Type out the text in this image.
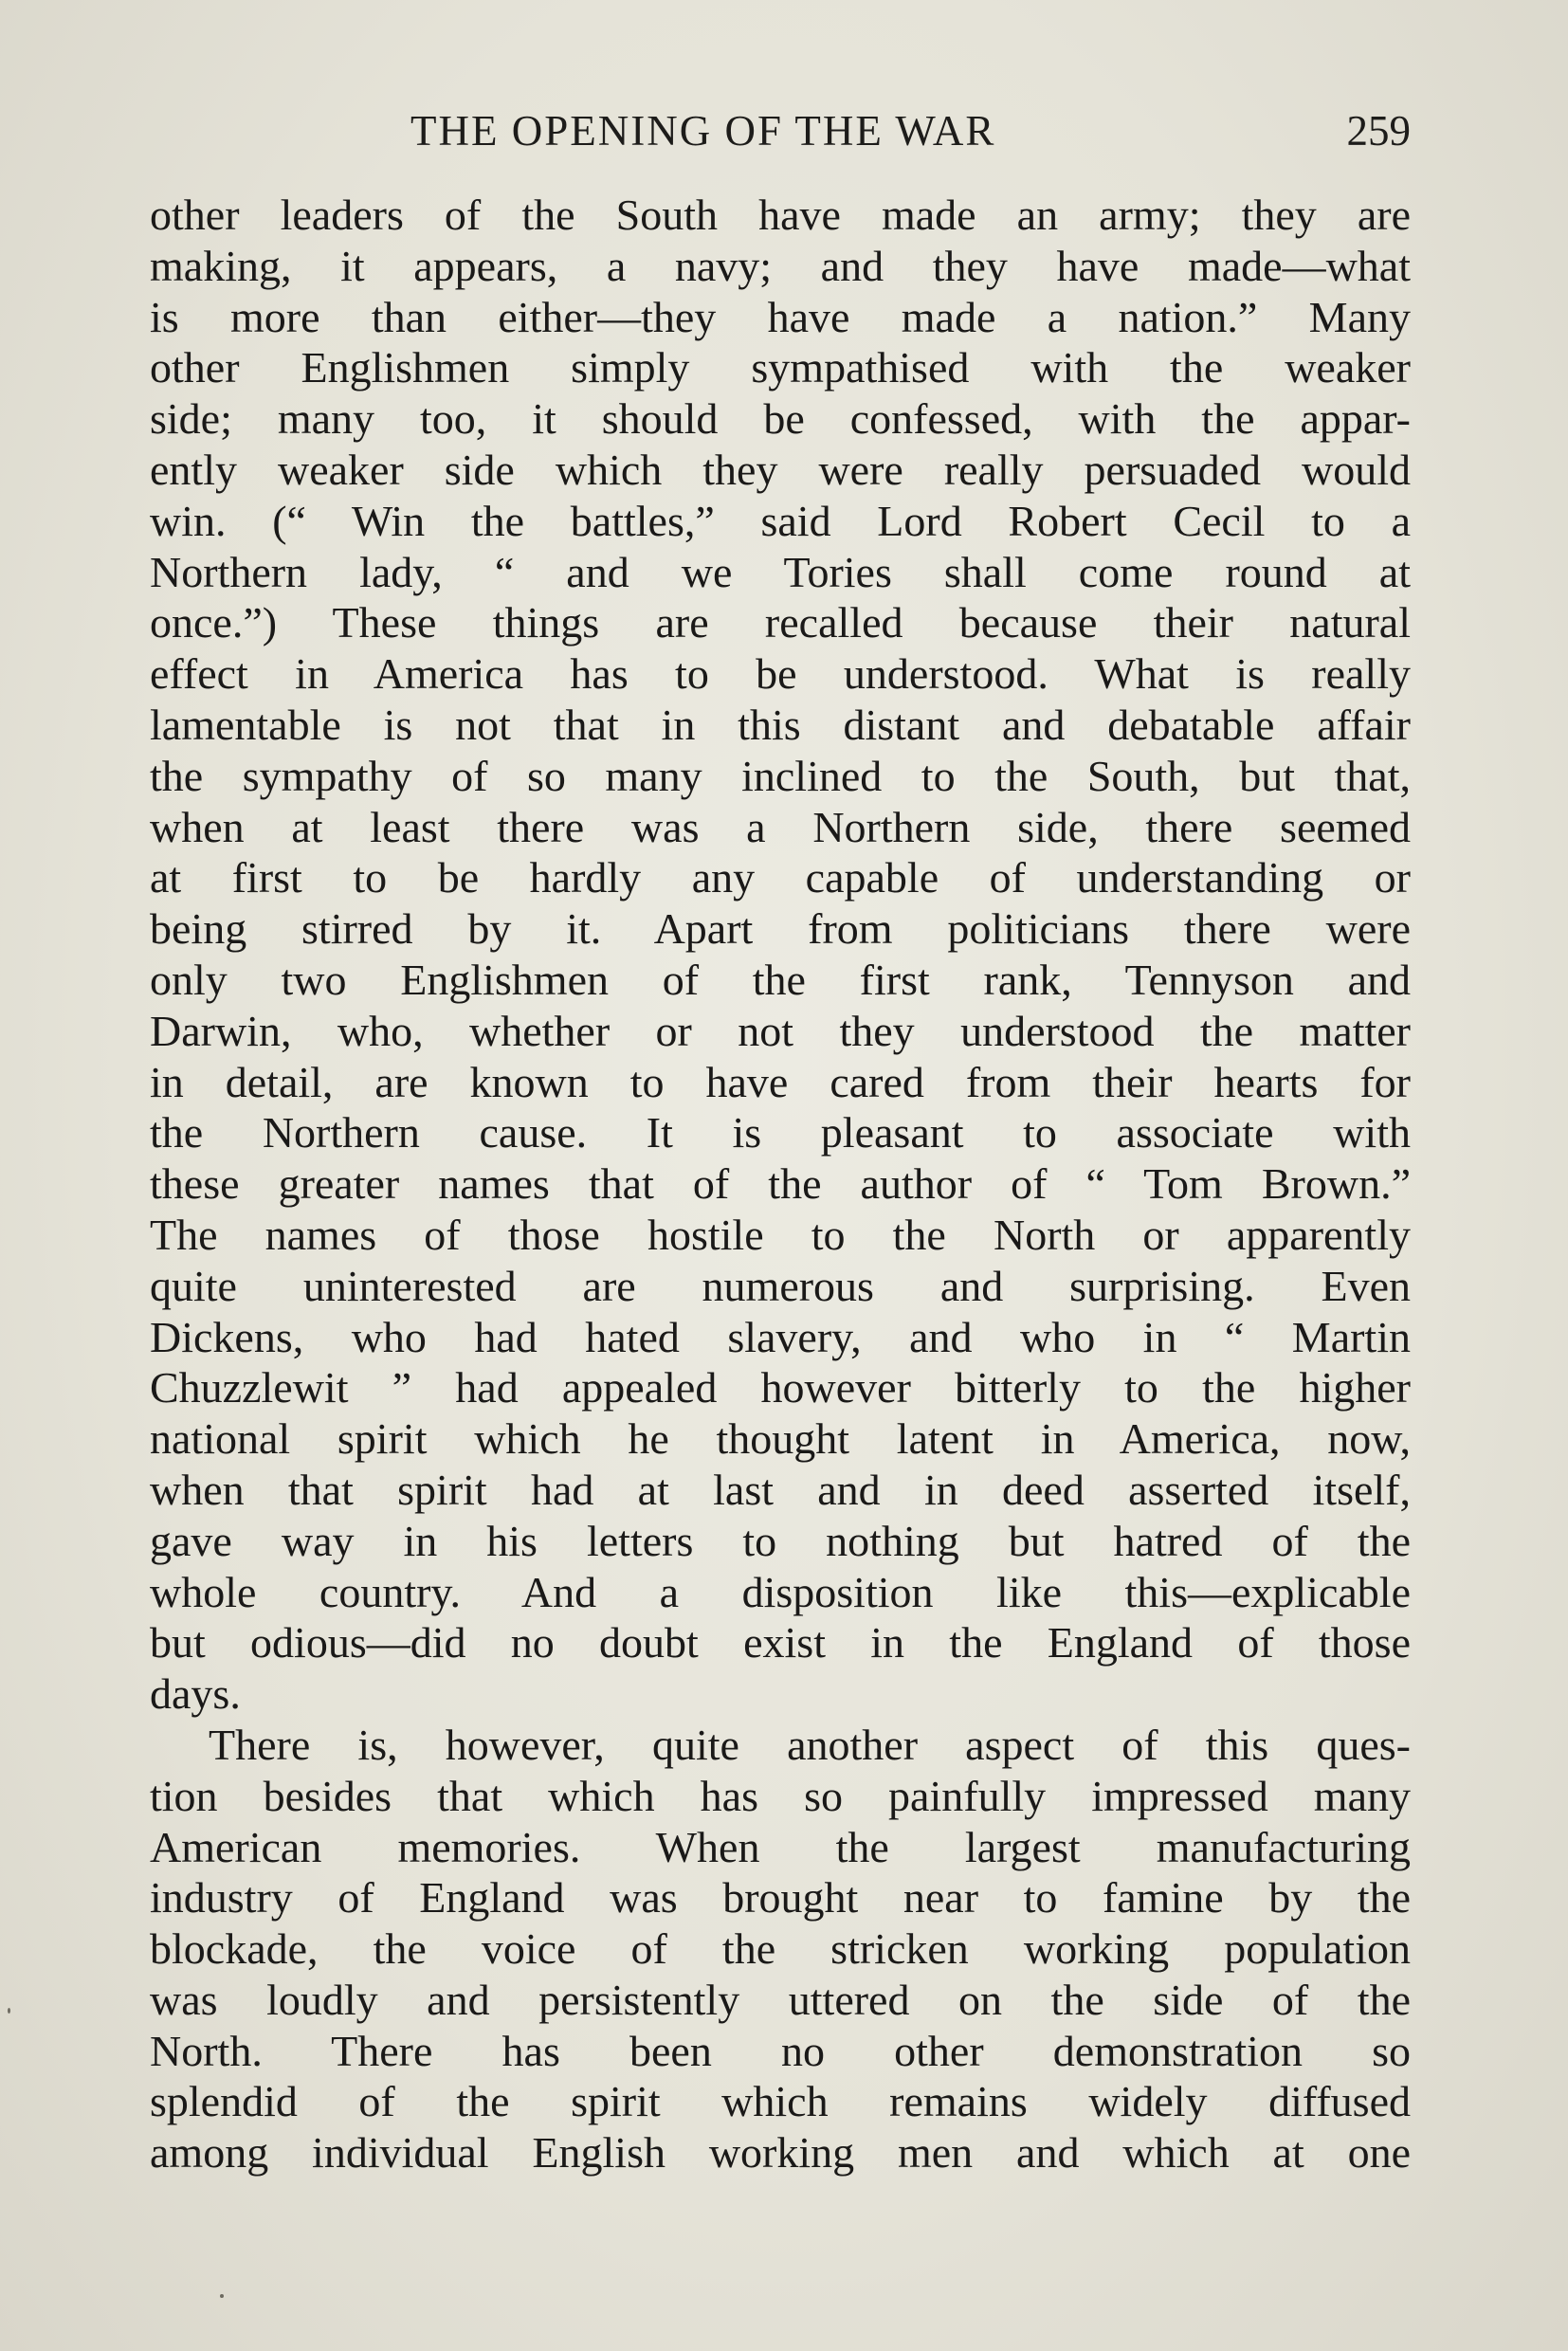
THE OPENING OF THE WAR	259
other leaders of the South have made an army; they are
making, it appears, a navy; and they have made—what
is more than either—they have made a nation.” Many
other Englishmen simply sympathised with the weaker
side; many too, it should be confessed, with the appar-
ently weaker side which they were really persuaded would
win. (“ Win the battles,” said Lord Robert Cecil to a
Northern lady, “ and we Tories shall come round at
once.”) These things are recalled because their natural
effect in America has to be understood. What is really
lamentable is not that in this distant and debatable affair
the sympathy of so many inclined to the South, but that,
when at least there was a Northern side, there seemed
at first to be hardly any capable of understanding or
being stirred by it. Apart from politicians there were
only two Englishmen of the first rank, Tennyson and
Darwin, who, whether or not they understood the matter
in detail, are known to have cared from their hearts for
the Northern cause. It is pleasant to associate with
these greater names that of the author of “ Tom Brown.”
The names of those hostile to the North or apparently
quite uninterested are numerous and surprising. Even
Dickens, who had hated slavery, and who in “ Martin
Chuzzlewit ” had appealed however bitterly to the higher
national spirit which he thought latent in America, now,
when that spirit had at last and in deed asserted itself,
gave way in his letters to nothing but hatred of the
whole country. And a disposition like this—explicable
but odious—did no doubt exist in the England of those
days.
There is, however, quite another aspect of this ques-
tion besides that which has so painfully impressed many
American memories. When the largest manufacturing
industry of England was brought near to famine by the
blockade, the voice of the stricken working population
was loudly and persistently uttered on the side of the
North. There has been no other demonstration so
splendid of the spirit which remains widely diffused
among individual English working men and which at one
